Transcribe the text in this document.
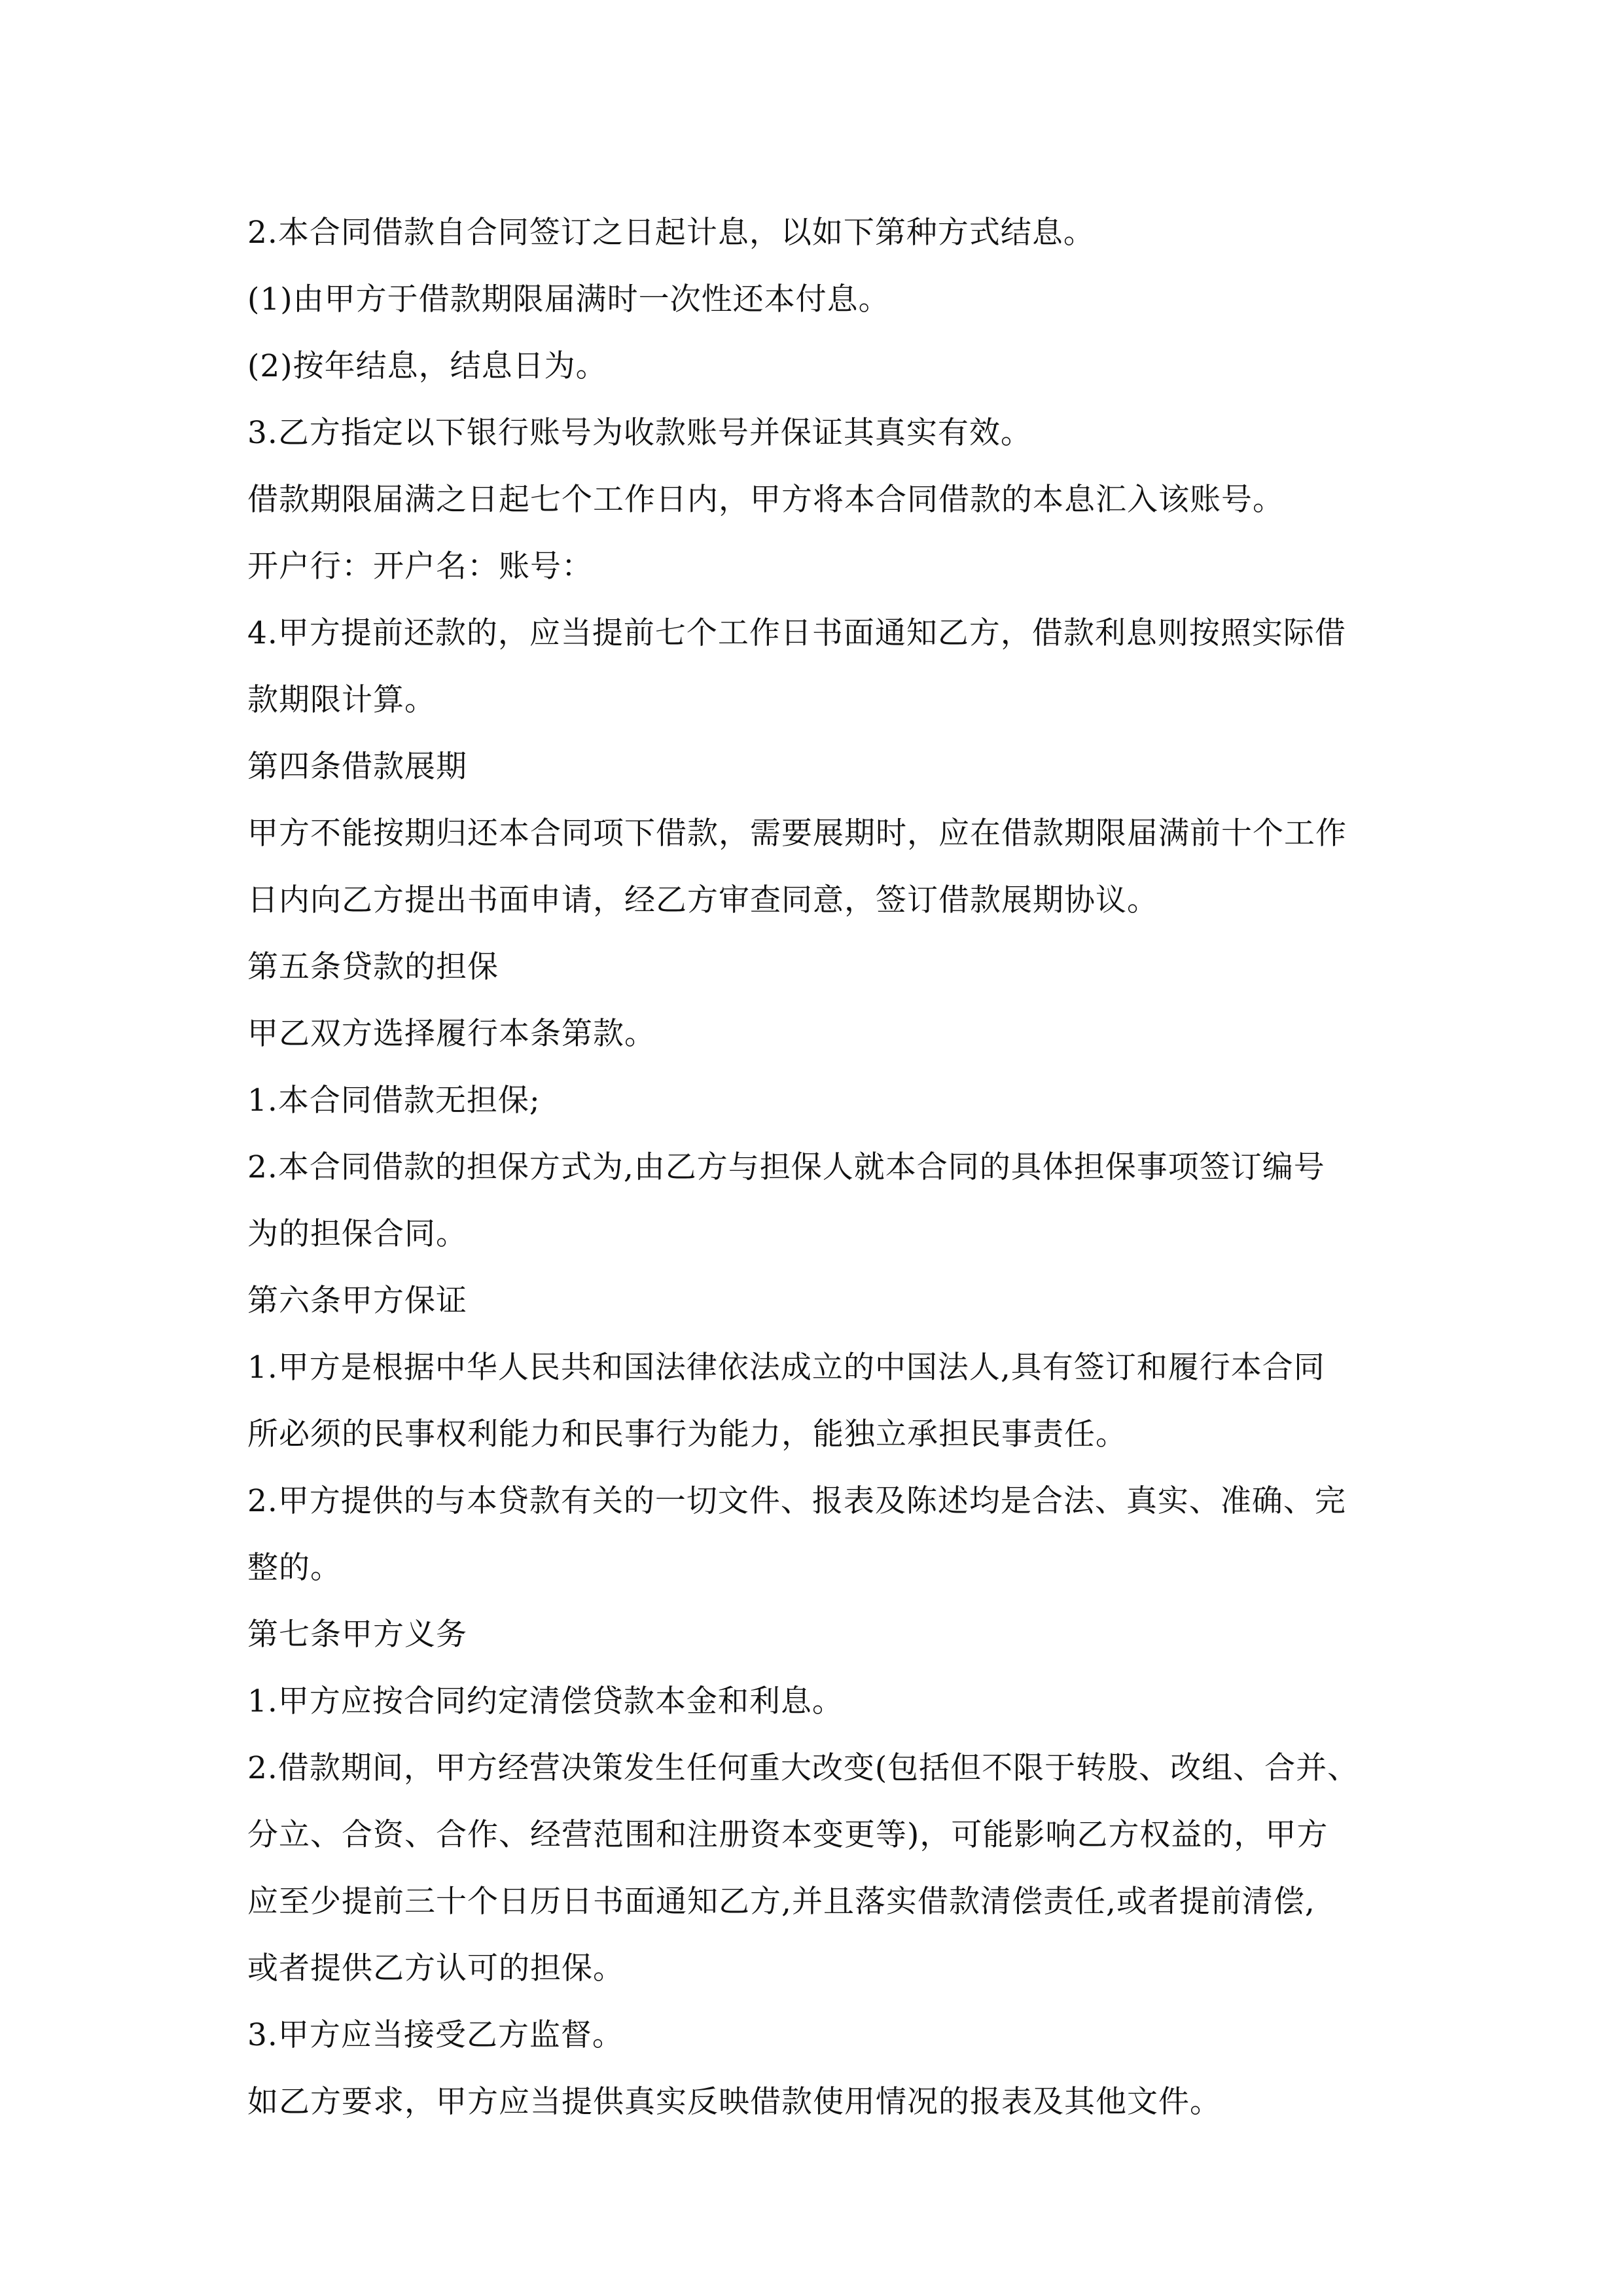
2.本合同借款自合同签订之日起计息，以如下第种方式结息。
(1)由甲方于借款期限届满时一次性还本付息。
(2)按年结息，结息日为。
3.乙方指定以下银行账号为收款账号并保证其真实有效。
借款期限届满之日起七个工作日内，甲方将本合同借款的本息汇入该账号。
开户行：开户名：账号：
4.甲方提前还款的，应当提前七个工作日书面通知乙方，借款利息则按照实际借
款期限计算。
第四条借款展期
甲方不能按期归还本合同项下借款，需要展期时，应在借款期限届满前十个工作
日内向乙方提出书面申请，经乙方审查同意，签订借款展期协议。
第五条贷款的担保
甲乙双方选择履行本条第款。
1.本合同借款无担保;
2.本合同借款的担保方式为,由乙方与担保人就本合同的具体担保事项签订编号
为的担保合同。
第六条甲方保证
1.甲方是根据中华人民共和国法律依法成立的中国法人,具有签订和履行本合同
所必须的民事权利能力和民事行为能力，能独立承担民事责任。
2.甲方提供的与本贷款有关的一切文件、报表及陈述均是合法、真实、准确、完
整的。
第七条甲方义务
1.甲方应按合同约定清偿贷款本金和利息。
2.借款期间，甲方经营决策发生任何重大改变(包括但不限于转股、改组、合并、
分立、合资、合作、经营范围和注册资本变更等)，可能影响乙方权益的，甲方
应至少提前三十个日历日书面通知乙方,并且落实借款清偿责任,或者提前清偿,
或者提供乙方认可的担保。
3.甲方应当接受乙方监督。
如乙方要求，甲方应当提供真实反映借款使用情况的报表及其他文件。
